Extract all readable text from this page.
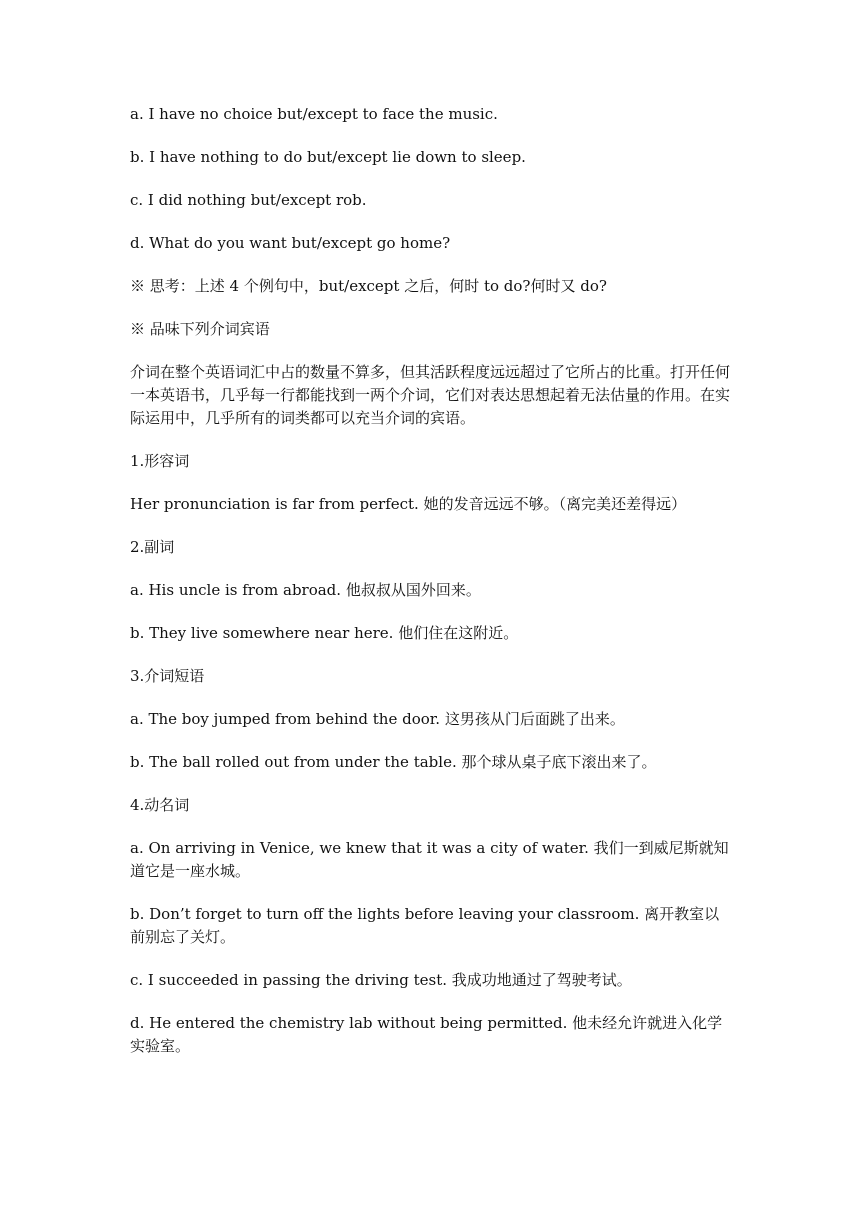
a. I have no choice but/except to face the music.

b. I have nothing to do but/except lie down to sleep.

c. I did nothing but/except rob.

d. What do you want but/except go home?

※ 思考：上述 4 个例句中，but/except 之后，何时 to do?何时又 do?

※ 品味下列介词宾语

介词在整个英语词汇中占的数量不算多，但其活跃程度远远超过了它所占的比重。打开任何一本英语书，几乎每一行都能找到一两个介词，它们对表达思想起着无法估量的作用。在实际运用中，几乎所有的词类都可以充当介词的宾语。

1.形容词

Her pronunciation is far from perfect. 她的发音远远不够。（离完美还差得远）

2.副词

a. His uncle is from abroad. 他叔叔从国外回来。

b. They live somewhere near here. 他们住在这附近。

3.介词短语

a. The boy jumped from behind the door. 这男孩从门后面跳了出来。

b. The ball rolled out from under the table. 那个球从桌子底下滚出来了。

4.动名词

a. On arriving in Venice, we knew that it was a city of water. 我们一到威尼斯就知道它是一座水城。

b. Don’t forget to turn off the lights before leaving your classroom. 离开教室以前别忘了关灯。

c. I succeeded in passing the driving test. 我成功地通过了驾驶考试。

d. He entered the chemistry lab without being permitted. 他未经允许就进入化学实验室。
